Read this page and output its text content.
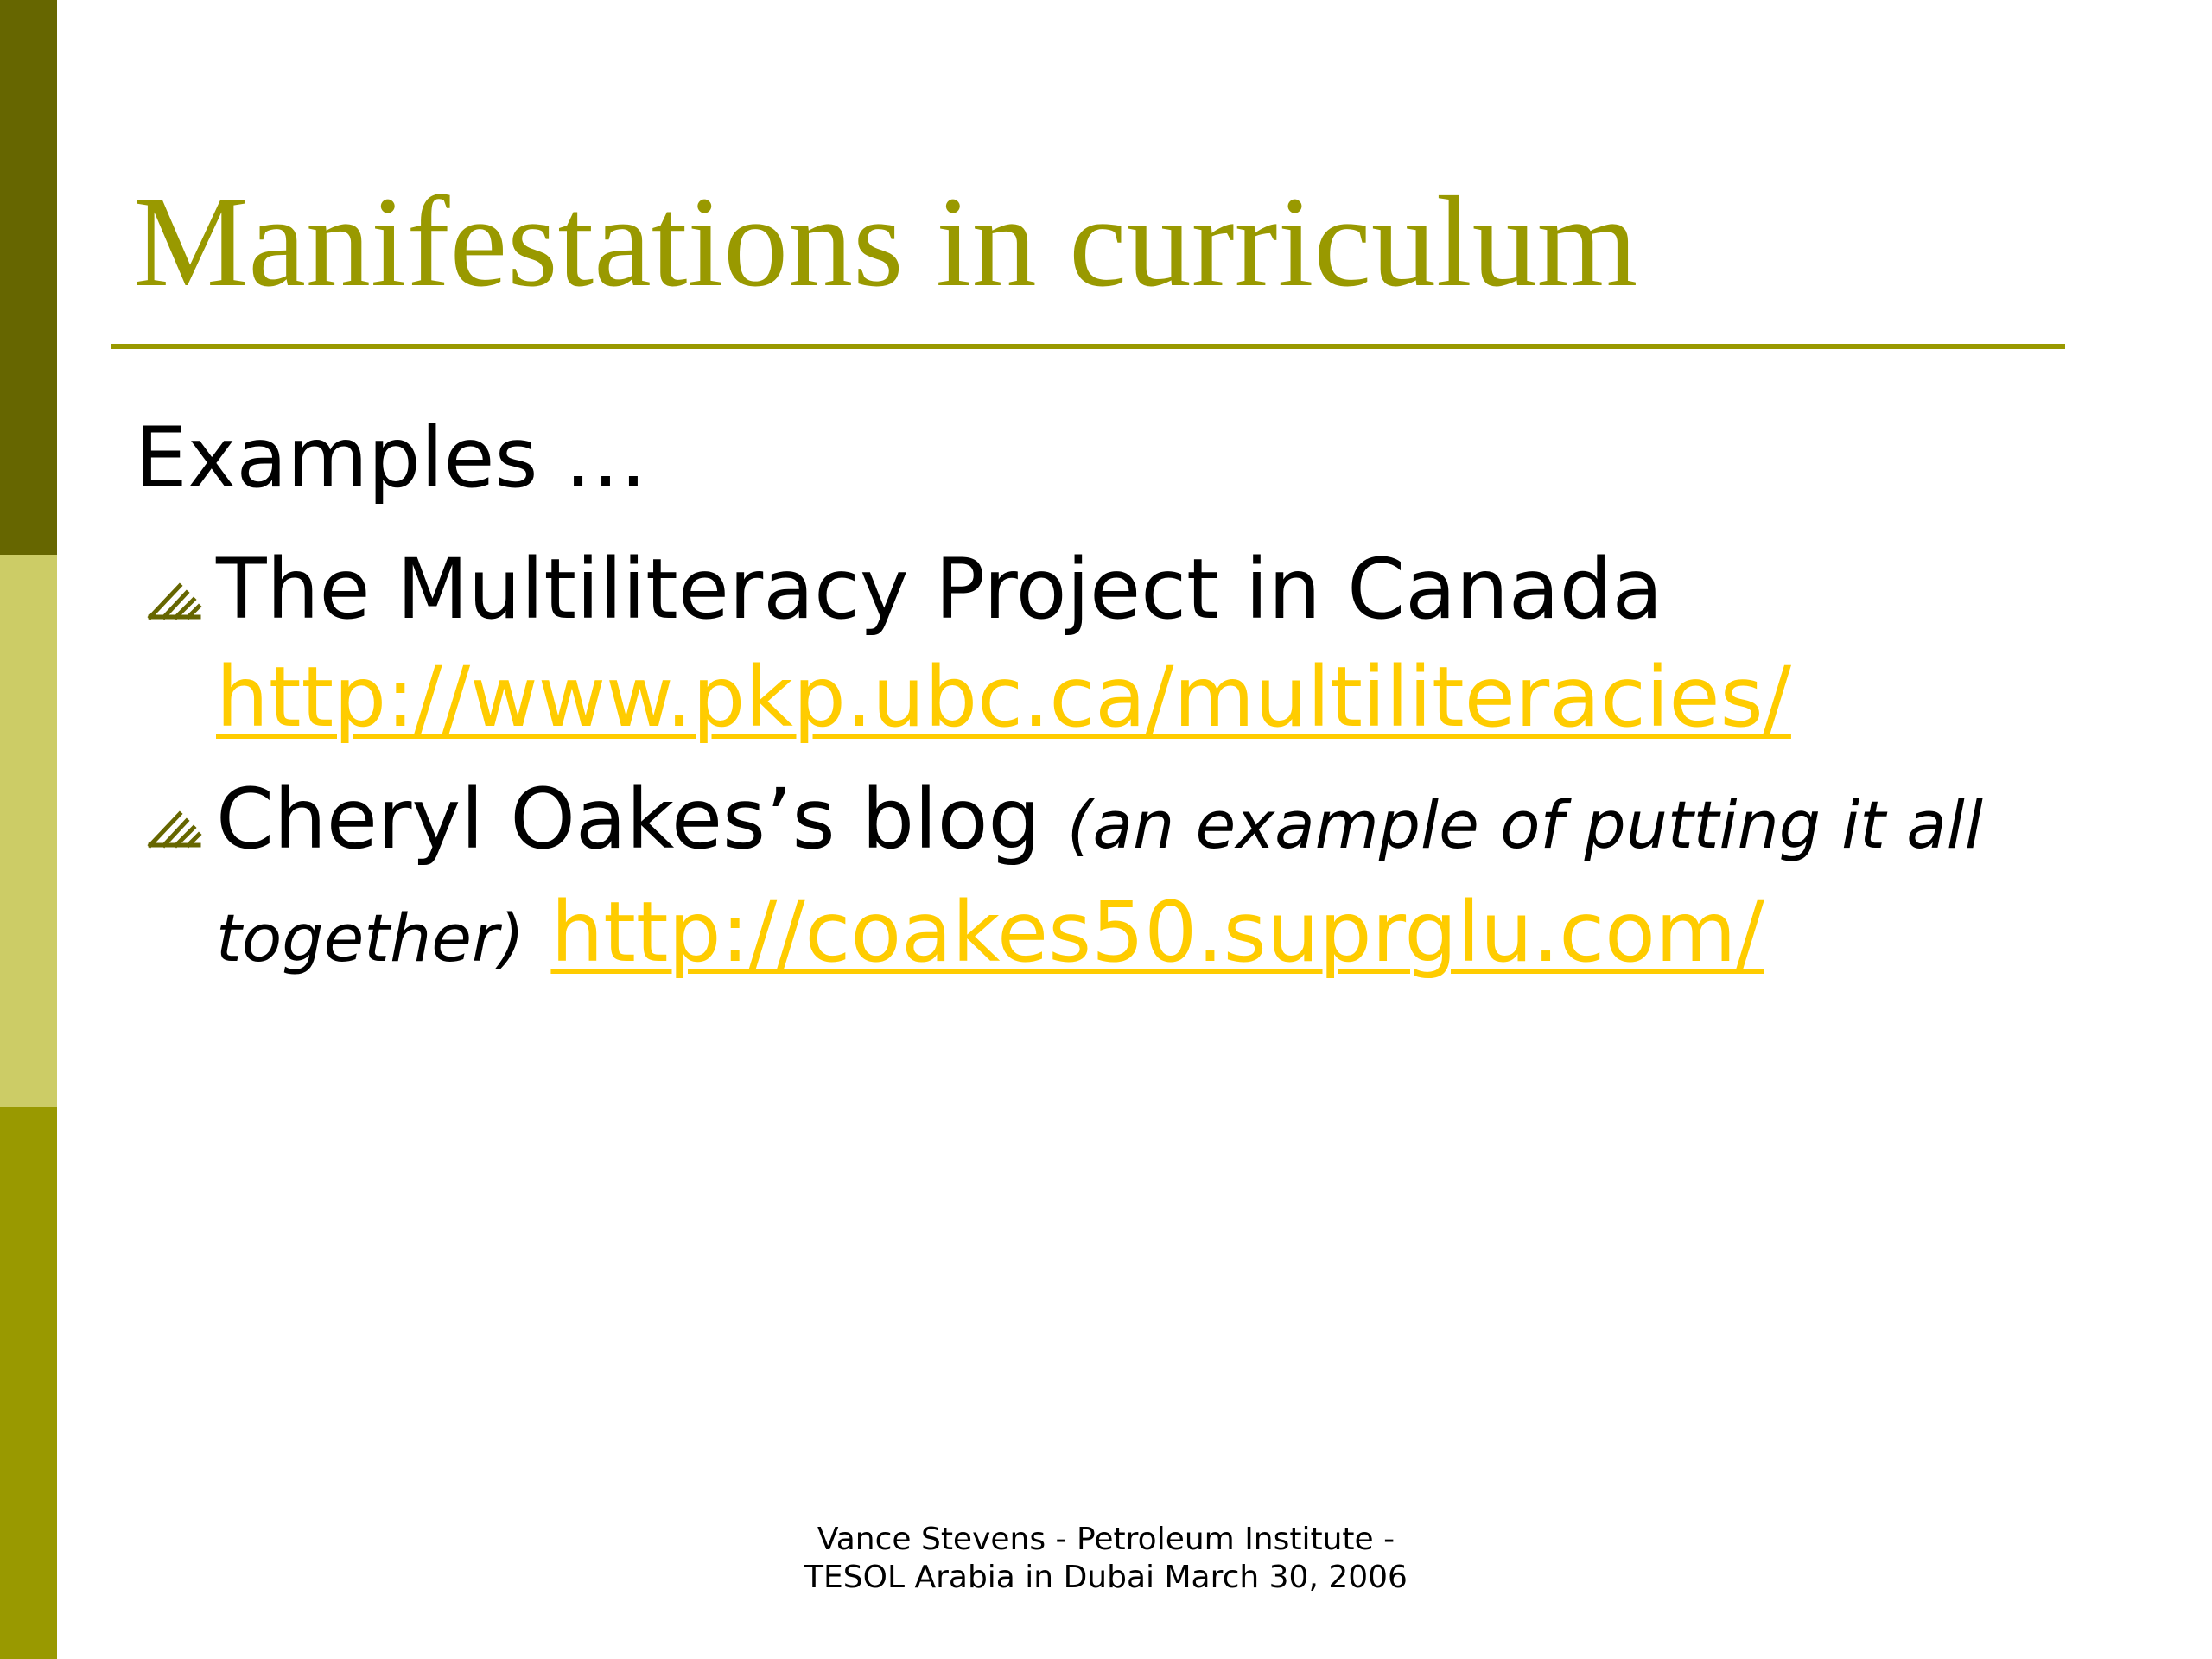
Manifestations in curriculum
Examples …
The Multiliteracy Project in Canada
http://www.pkp.ubc.ca/multiliteracies/
Cheryl Oakes’s blog (an example of putting it all together) http://coakes50.suprglu.com/
Vance Stevens - Petroleum Institute -
TESOL Arabia in Dubai March 30, 2006
